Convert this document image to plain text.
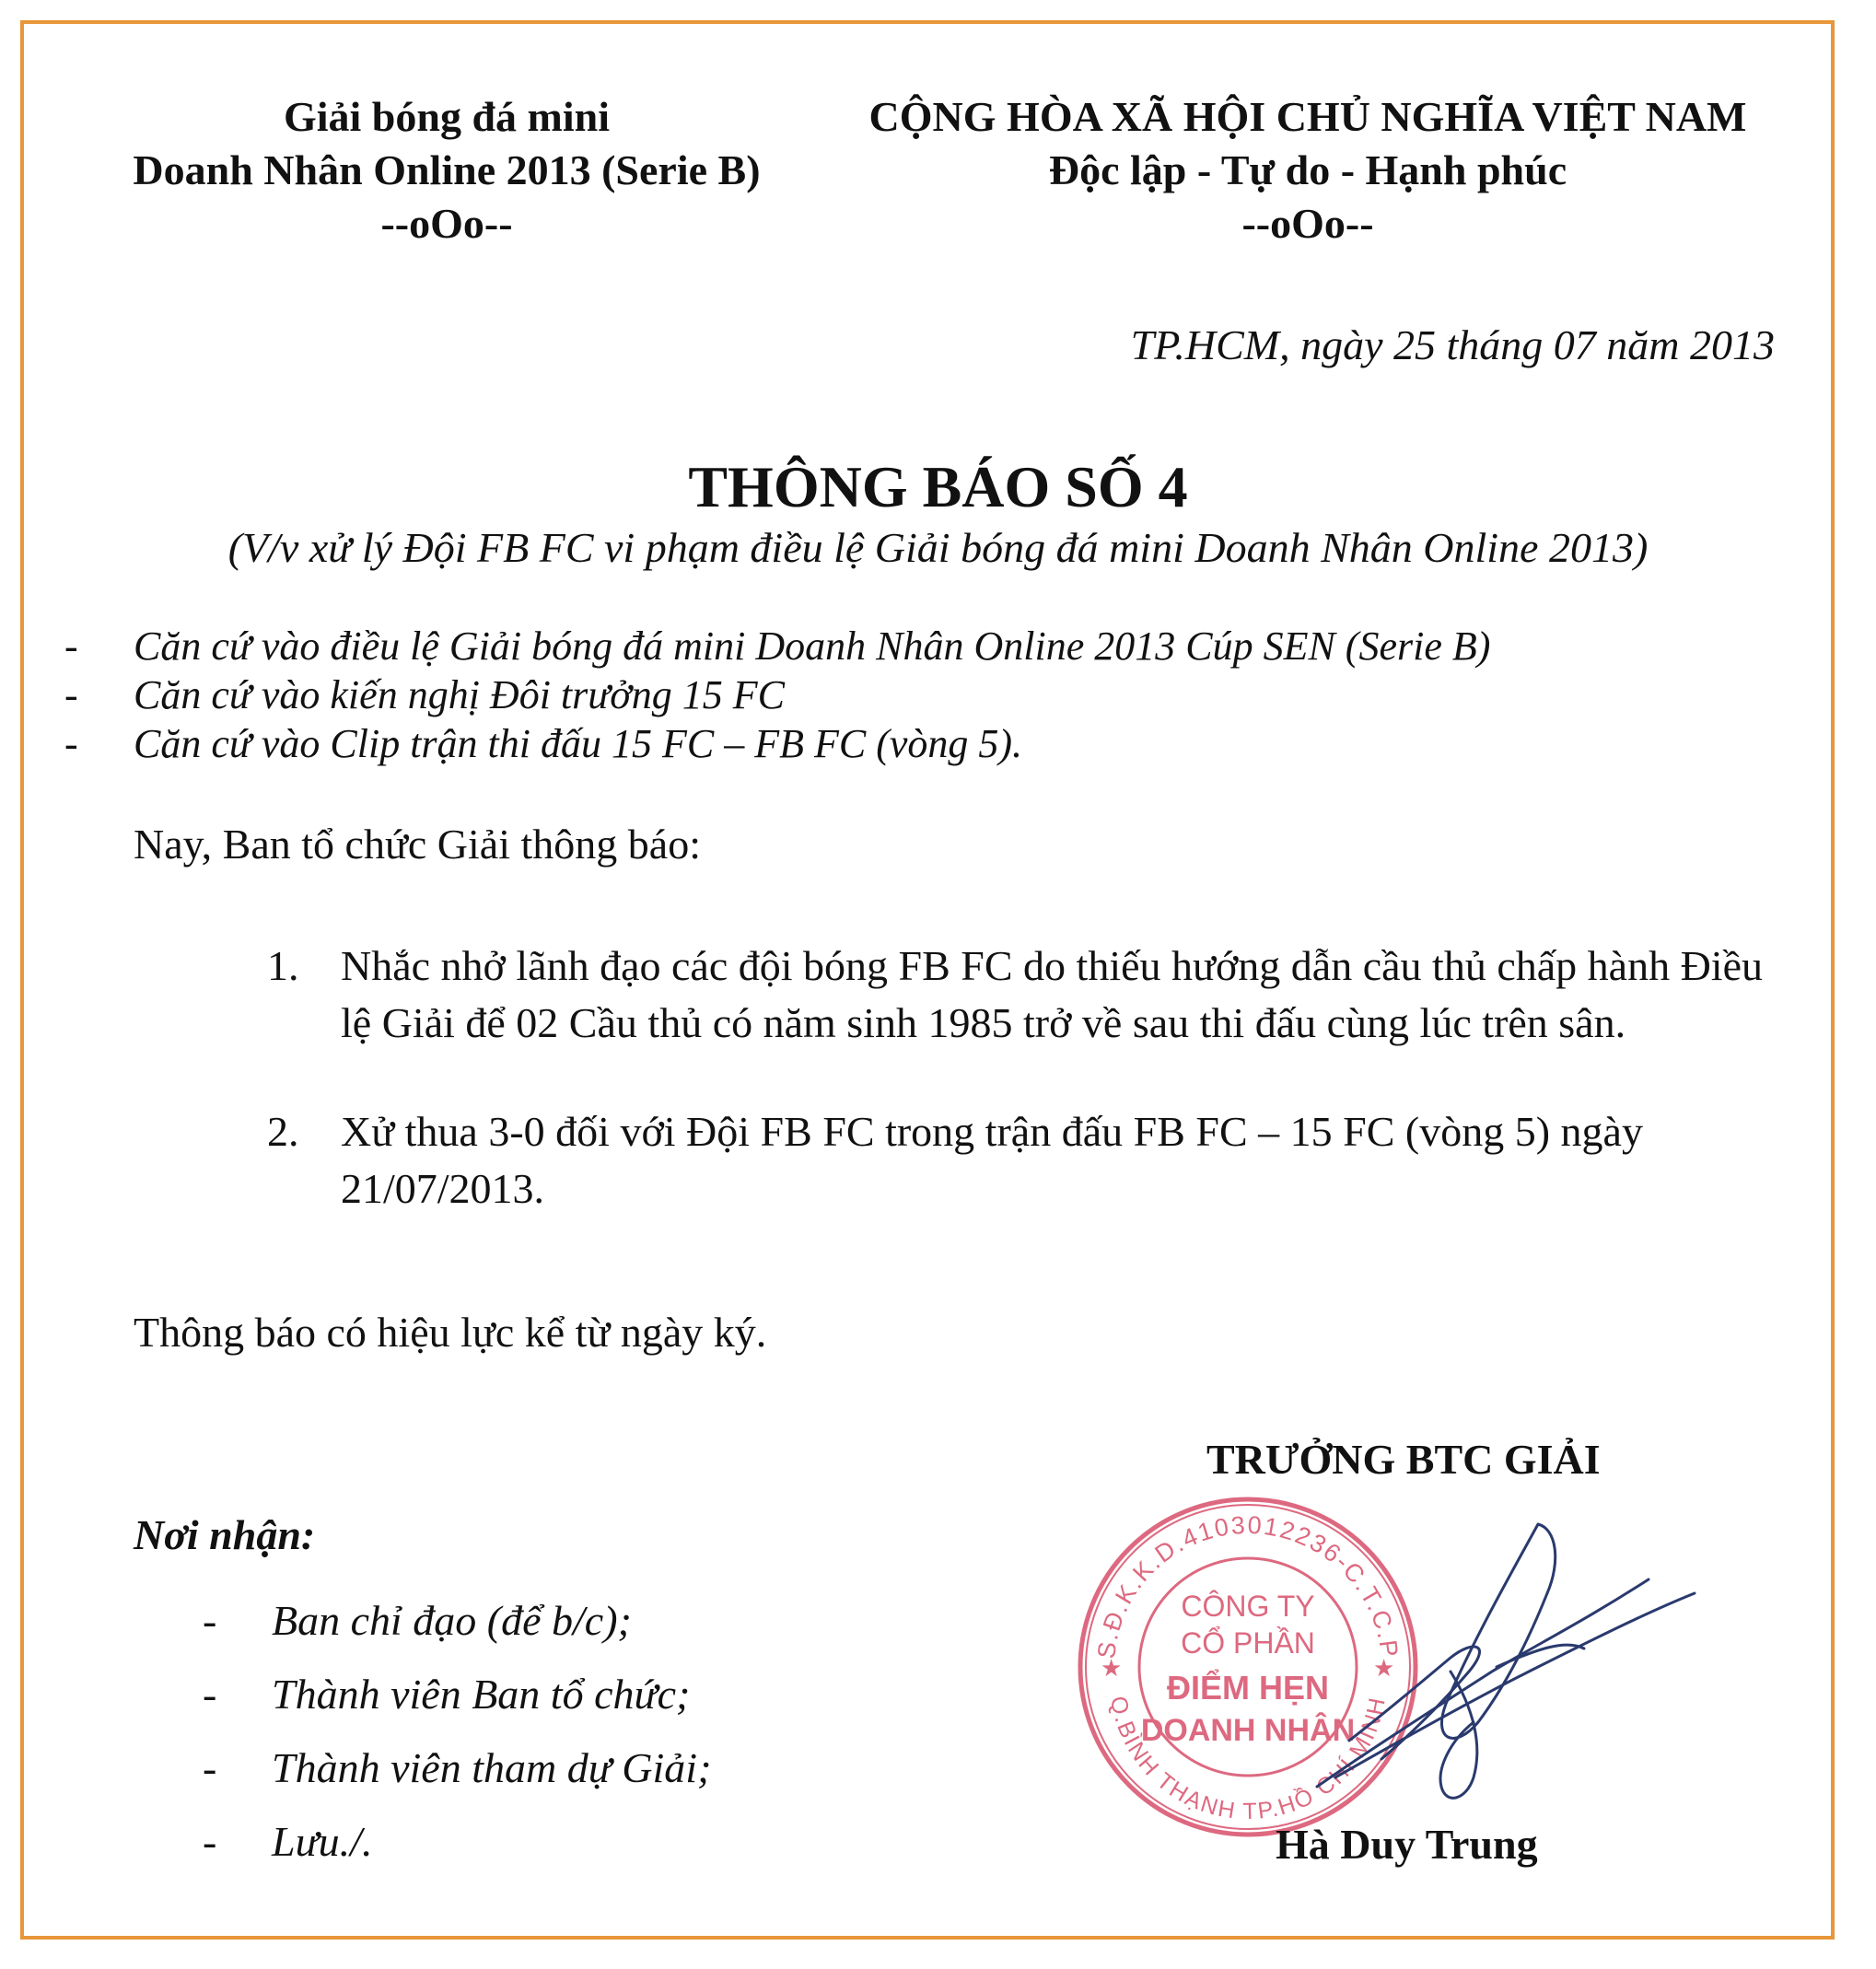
Giải bóng đá mini
Doanh Nhân Online 2013 (Serie B)
--oOo--
CỘNG HÒA XÃ HỘI CHỦ NGHĨA VIỆT NAM
Độc lập - Tự do - Hạnh phúc
--oOo--
TP.HCM, ngày 25 tháng 07 năm 2013
THÔNG BÁO SỐ 4
(V/v xử lý Đội FB FC vi phạm điều lệ Giải bóng đá mini Doanh Nhân Online 2013)
-	Căn cứ vào điều lệ Giải bóng đá mini Doanh Nhân Online 2013 Cúp SEN (Serie B)
-	Căn cứ vào kiến nghị Đôi trưởng 15 FC
-	Căn cứ vào Clip trận thi đấu 15 FC – FB FC (vòng 5).
Nay, Ban tổ chức Giải thông báo:
1. Nhắc nhở lãnh đạo các đội bóng FB FC do thiếu hướng dẫn cầu thủ chấp hành Điều lệ Giải để 02 Cầu thủ có năm sinh 1985 trở về sau thi đấu cùng lúc trên sân.
2. Xử thua 3-0 đối với Đội FB FC trong trận đấu FB FC – 15 FC (vòng 5) ngày 21/07/2013.
Thông báo có hiệu lực kể từ ngày ký.
TRƯỞNG BTC GIẢI
Nơi nhận:
-	Ban chỉ đạo (để b/c);
-	Thành viên Ban tổ chức;
-	Thành viên tham dự Giải;
-	Lưu./.
S.Đ.K.K.D.4103012236-C.T.C.P
Q.BÌNH THẠNH TP.HỒ CHÍ MINH
★	★
CÔNG TY
CỔ PHẦN
ĐIỂM HẸN
DOANH NHÂN
Hà Duy Trung
